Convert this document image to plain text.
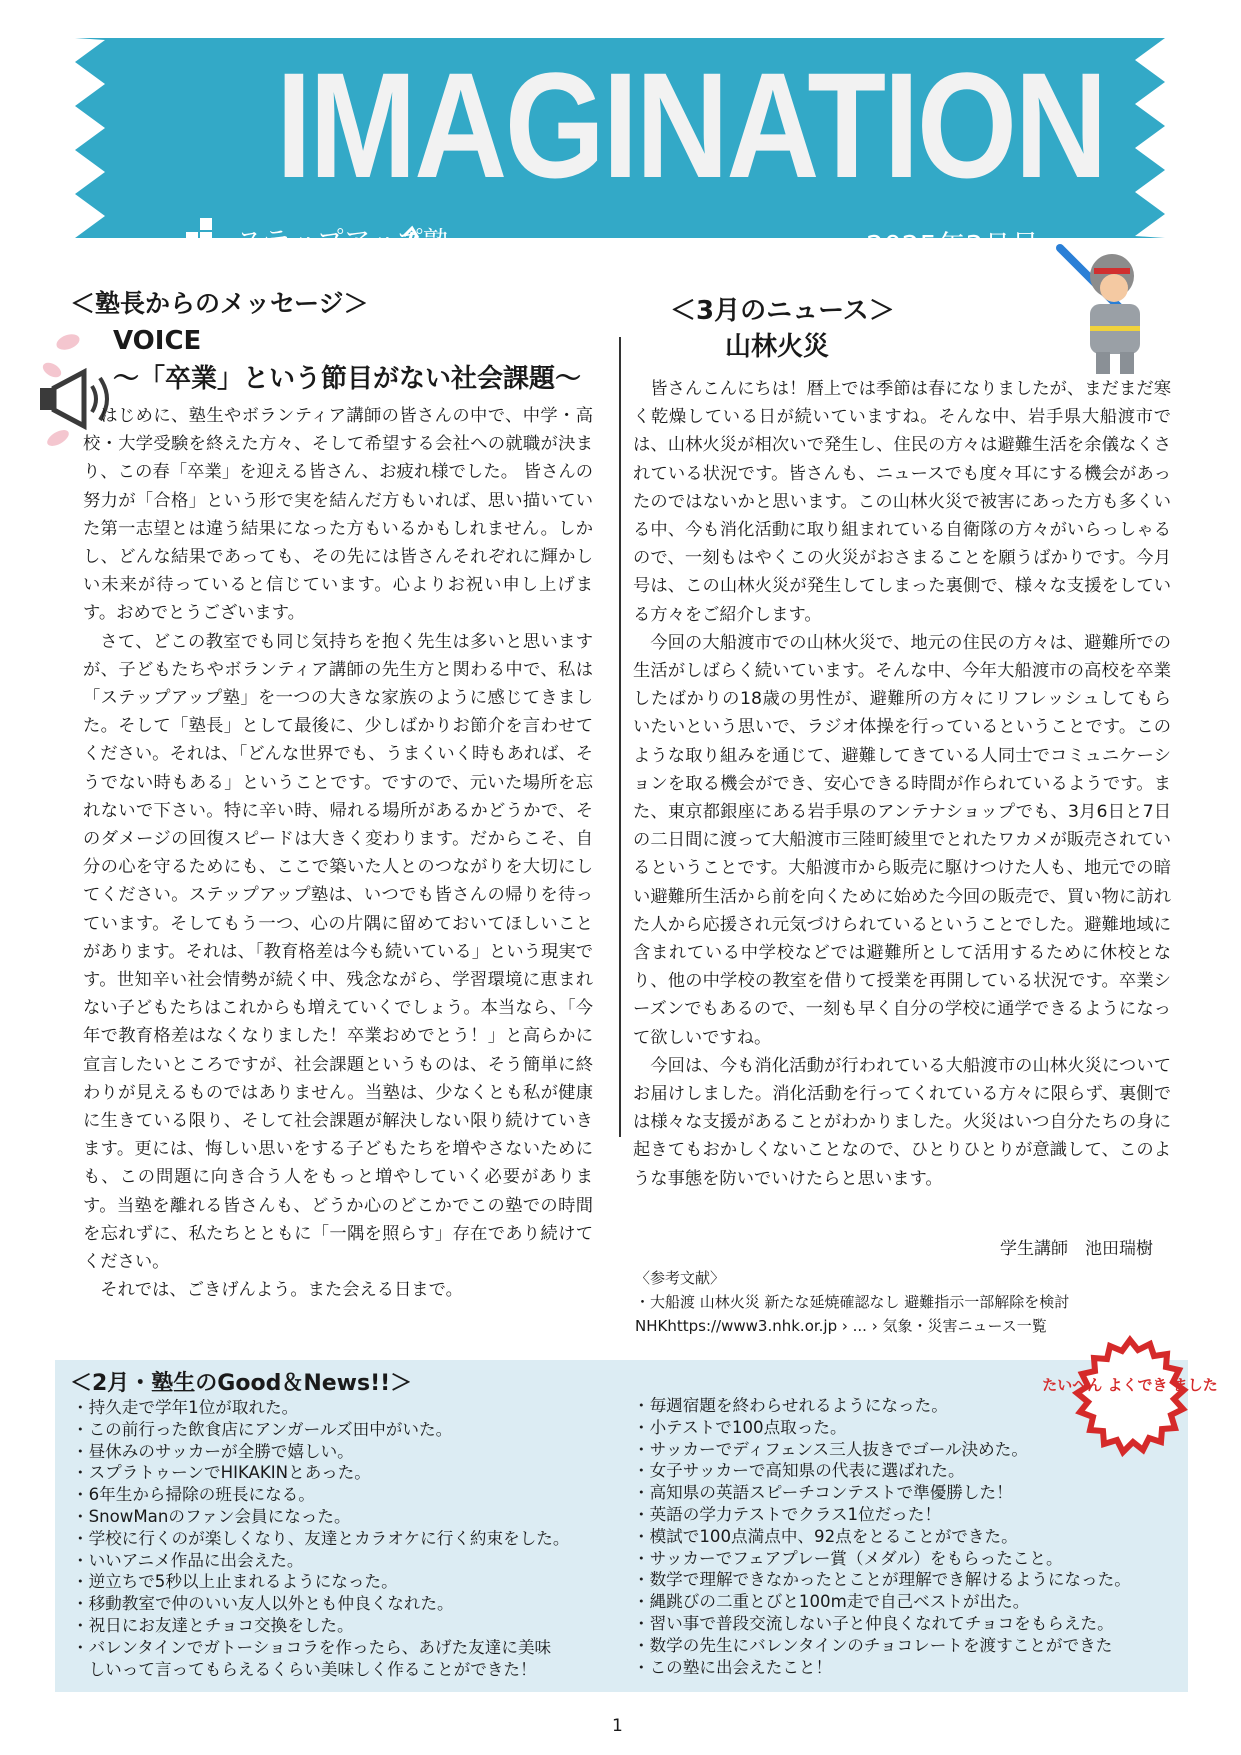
IMAGINATION
ステップアップ塾	2025年3月号
＜塾長からのメッセージ＞
VOICE
～「卒業」という節目がない社会課題～

はじめに、塾生やボランティア講師の皆さんの中で、中学・高校・大学受験を終えた方々、そして希望する会社への就職が決まり、この春「卒業」を迎える皆さん、お疲れ様でした。 皆さんの努力が「合格」という形で実を結んだ方もいれば、思い描いていた第一志望とは違う結果になった方もいるかもしれません。しかし、どんな結果であっても、その先には皆さんそれぞれに輝かしい未来が待っていると信じています。心よりお祝い申し上げます。おめでとうございます。

さて、どこの教室でも同じ気持ちを抱く先生は多いと思いますが、子どもたちやボランティア講師の先生方と関わる中で、私は「ステップアップ塾」を一つの大きな家族のように感じてきました。そして「塾長」として最後に、少しばかりお節介を言わせてください。それは、「どんな世界でも、うまくいく時もあれば、そうでない時もある」ということです。ですので、元いた場所を忘れないで下さい。特に辛い時、帰れる場所があるかどうかで、そのダメージの回復スピードは大きく変わります。だからこそ、自分の心を守るためにも、ここで築いた人とのつながりを大切にしてください。ステップアップ塾は、いつでも皆さんの帰りを待っています。そしてもう一つ、心の片隅に留めておいてほしいことがあります。それは、「教育格差は今も続いている」という現実です。世知辛い社会情勢が続く中、残念ながら、学習環境に恵まれない子どもたちはこれからも増えていくでしょう。本当なら、「今年で教育格差はなくなりました！卒業おめでとう！」と高らかに宣言したいところですが、社会課題というものは、そう簡単に終わりが見えるものではありません。当塾は、少なくとも私が健康に生きている限り、そして社会課題が解決しない限り続けていきます。更には、悔しい思いをする子どもたちを増やさないためにも、この問題に向き合う人をもっと増やしていく必要があります。当塾を離れる皆さんも、どうか心のどこかでこの塾での時間を忘れずに、私たちとともに「一隅を照らす」存在であり続けてください。

それでは、ごきげんよう。また会える日まで。

＜3月のニュース＞
山林火災

皆さんこんにちは！暦上では季節は春になりましたが、まだまだ寒く乾燥している日が続いていますね。そんな中、岩手県大船渡市では、山林火災が相次いで発生し、住民の方々は避難生活を余儀なくされている状況です。皆さんも、ニュースでも度々耳にする機会があったのではないかと思います。この山林火災で被害にあった方も多くいる中、今も消化活動に取り組まれている自衛隊の方々がいらっしゃるので、一刻もはやくこの火災がおさまることを願うばかりです。今月号は、この山林火災が発生してしまった裏側で、様々な支援をしている方々をご紹介します。

今回の大船渡市での山林火災で、地元の住民の方々は、避難所での生活がしばらく続いています。そんな中、今年大船渡市の高校を卒業したばかりの18歳の男性が、避難所の方々にリフレッシュしてもらいたいという思いで、ラジオ体操を行っているということです。このような取り組みを通じて、避難してきている人同士でコミュニケーションを取る機会ができ、安心できる時間が作られているようです。また、東京都銀座にある岩手県のアンテナショップでも、3月6日と7日の二日間に渡って大船渡市三陸町綾里でとれたワカメが販売されているということです。大船渡市から販売に駆けつけた人も、地元での暗い避難所生活から前を向くために始めた今回の販売で、買い物に訪れた人から応援され元気づけられているということでした。避難地域に含まれている中学校などでは避難所として活用するために休校となり、他の中学校の教室を借りて授業を再開している状況です。卒業シーズンでもあるので、一刻も早く自分の学校に通学できるようになって欲しいですね。

今回は、今も消化活動が行われている大船渡市の山林火災についてお届けしました。消化活動を行ってくれている方々に限らず、裏側では様々な支援があることがわかりました。火災はいつ自分たちの身に起きてもおかしくないことなので、ひとりひとりが意識して、このような事態を防いでいけたらと思います。

学生講師　池田瑞樹
〈参考文献〉
・大船渡 山林火災 新たな延焼確認なし 避難指示一部解除を検討
NHKhttps://www3.nhk.or.jp › ... › 気象・災害ニュース一覧
＜2月・塾生のGood＆News!!＞	たいへん よくでき ました
・持久走で学年1位が取れた。
・この前行った飲食店にアンガールズ田中がいた。
・昼休みのサッカーが全勝で嬉しい。
・スプラトゥーンでHIKAKINとあった。
・6年生から掃除の班長になる。
・SnowManのファン会員になった。
・学校に行くのが楽しくなり、友達とカラオケに行く約束をした。
・いいアニメ作品に出会えた。
・逆立ちで5秒以上止まれるようになった。
・移動教室で仲のいい友人以外とも仲良くなれた。
・祝日にお友達とチョコ交換をした。
・バレンタインでガトーショコラを作ったら、あげた友達に美味
　しいって言ってもらえるくらい美味しく作ることができた！
・毎週宿題を終わらせれるようになった。
・小テストで100点取った。
・サッカーでディフェンス三人抜きでゴール決めた。
・女子サッカーで高知県の代表に選ばれた。
・高知県の英語スピーチコンテストで準優勝した！
・英語の学力テストでクラス1位だった！
・模試で100点満点中、92点をとることができた。
・サッカーでフェアプレー賞（メダル）をもらったこと。
・数学で理解できなかったとことが理解でき解けるようになった。
・縄跳びの二重とびと100m走で自己ベストが出た。
・習い事で普段交流しない子と仲良くなれてチョコをもらえた。
・数学の先生にバレンタインのチョコレートを渡すことができた
・この塾に出会えたこと！
1
